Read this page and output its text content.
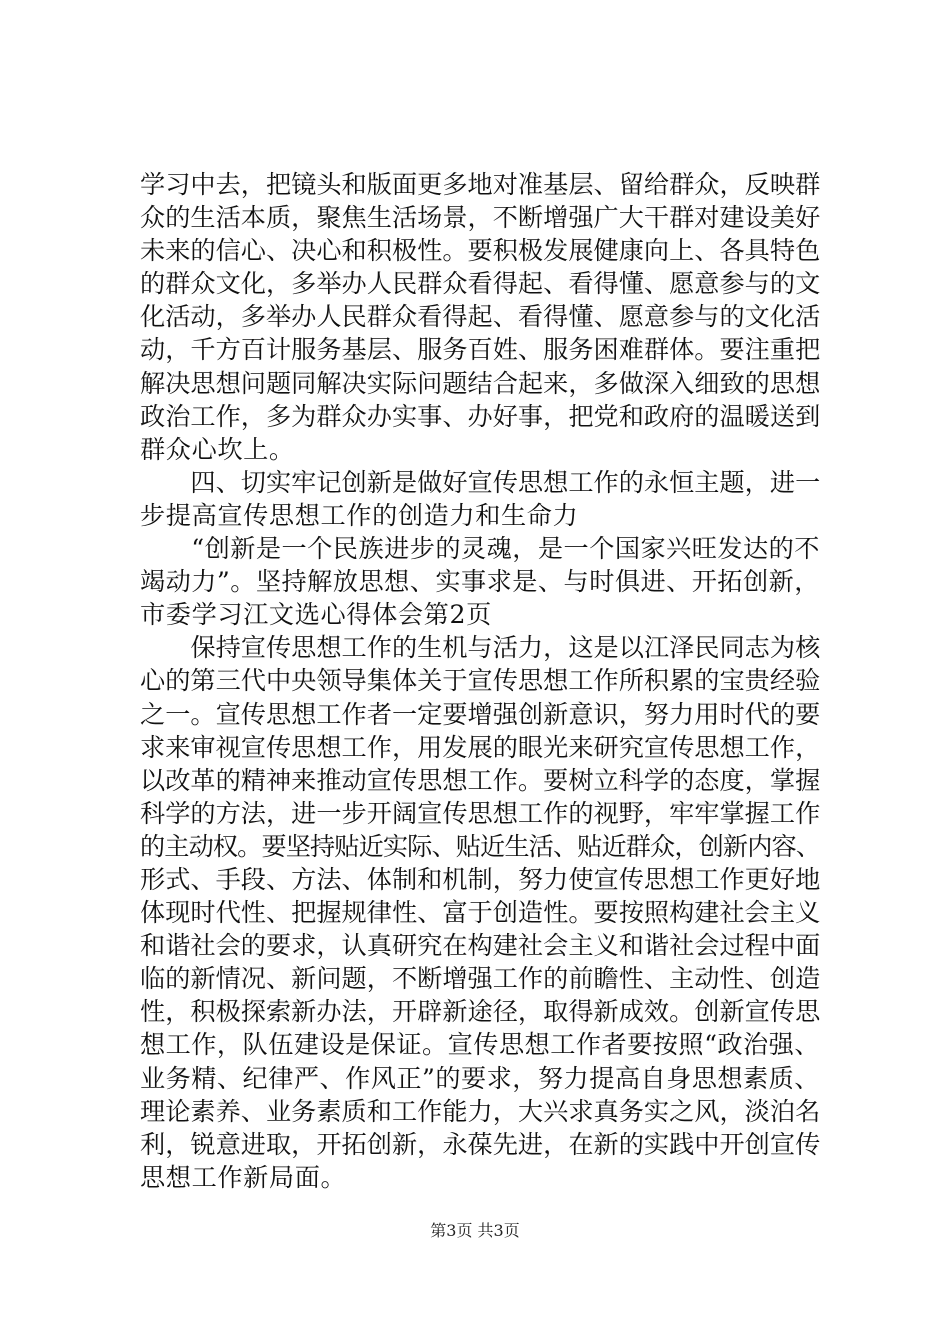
学习中去，把镜头和版面更多地对准基层、留给群众，反映群
众的生活本质，聚焦生活场景，不断增强广大干群对建设美好
未来的信心、决心和积极性。要积极发展健康向上、各具特色
的群众文化，多举办人民群众看得起、看得懂、愿意参与的文
化活动，多举办人民群众看得起、看得懂、愿意参与的文化活
动，千方百计服务基层、服务百姓、服务困难群体。要注重把
解决思想问题同解决实际问题结合起来，多做深入细致的思想
政治工作，多为群众办实事、办好事，把党和政府的温暖送到
群众心坎上。
　　四、切实牢记创新是做好宣传思想工作的永恒主题，进一
步提高宣传思想工作的创造力和生命力
　　“创新是一个民族进步的灵魂，是一个国家兴旺发达的不
竭动力”。坚持解放思想、实事求是、与时俱进、开拓创新，
市委学习江文选心得体会第2页
　　保持宣传思想工作的生机与活力，这是以江泽民同志为核
心的第三代中央领导集体关于宣传思想工作所积累的宝贵经验
之一。宣传思想工作者一定要增强创新意识，努力用时代的要
求来审视宣传思想工作，用发展的眼光来研究宣传思想工作，
以改革的精神来推动宣传思想工作。要树立科学的态度，掌握
科学的方法，进一步开阔宣传思想工作的视野，牢牢掌握工作
的主动权。要坚持贴近实际、贴近生活、贴近群众，创新内容、
形式、手段、方法、体制和机制，努力使宣传思想工作更好地
体现时代性、把握规律性、富于创造性。要按照构建社会主义
和谐社会的要求，认真研究在构建社会主义和谐社会过程中面
临的新情况、新问题，不断增强工作的前瞻性、主动性、创造
性，积极探索新办法，开辟新途径，取得新成效。创新宣传思
想工作，队伍建设是保证。宣传思想工作者要按照“政治强、
业务精、纪律严、作风正”的要求，努力提高自身思想素质、
理论素养、业务素质和工作能力，大兴求真务实之风，淡泊名
利，锐意进取，开拓创新，永葆先进，在新的实践中开创宣传
思想工作新局面。
第3页 共3页
